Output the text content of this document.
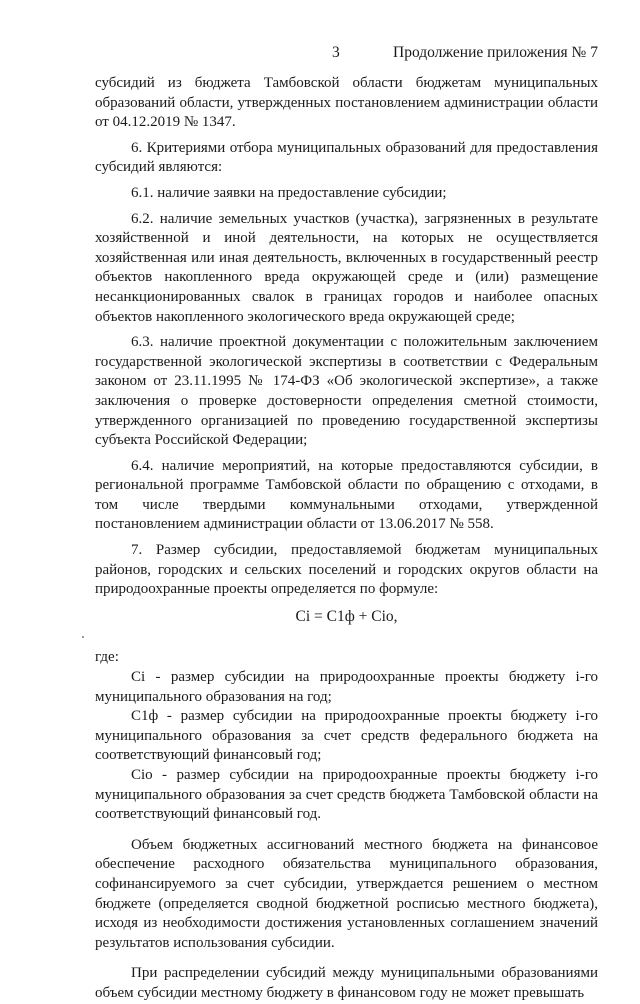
3	Продолжение приложения № 7

субсидий из бюджета Тамбовской области бюджетам муниципальных образований области, утвержденных постановлением администрации области от 04.12.2019 № 1347.

6. Критериями отбора муниципальных образований для предоставления субсидий являются:

6.1. наличие заявки на предоставление субсидии;

6.2. наличие земельных участков (участка), загрязненных в результате хозяйственной и иной деятельности, на которых не осуществляется хозяйственная или иная деятельность, включенных в государственный реестр объектов накопленного вреда окружающей среде и (или) размещение несанкционированных свалок в границах городов и наиболее опасных объектов накопленного экологического вреда окружающей среде;

6.3. наличие проектной документации с положительным заключением государственной экологической экспертизы в соответствии с Федеральным законом от 23.11.1995 № 174-ФЗ «Об экологической экспертизе», а также заключения о проверке достоверности определения сметной стоимости, утвержденного организацией по проведению государственной экспертизы субъекта Российской Федерации;

6.4. наличие мероприятий, на которые предоставляются субсидии, в региональной программе Тамбовской области по обращению с отходами, в том числе твердыми коммунальными отходами, утвержденной постановлением администрации области от 13.06.2017 № 558.

7. Размер субсидии, предоставляемой бюджетам муниципальных районов, городских и сельских поселений и городских округов области на природоохранные проекты определяется по формуле:

Ci = C1ф + Cio,

где:

Ci - размер субсидии на природоохранные проекты бюджету i-го муниципального образования на год;

C1ф - размер субсидии на природоохранные проекты бюджету i-го муниципального образования за счет средств федерального бюджета на соответствующий финансовый год;

Cio - размер субсидии на природоохранные проекты бюджету i-го муниципального образования за счет средств бюджета Тамбовской области на соответствующий финансовый год.

Объем бюджетных ассигнований местного бюджета на финансовое обеспечение расходного обязательства муниципального образования, софинансируемого за счет субсидии, утверждается решением о местном бюджете (определяется сводной бюджетной росписью местного бюджета), исходя из необходимости достижения установленных соглашением значений результатов использования субсидии.

При распределении субсидий между муниципальными образованиями объем субсидии местному бюджету в финансовом году не может превышать
